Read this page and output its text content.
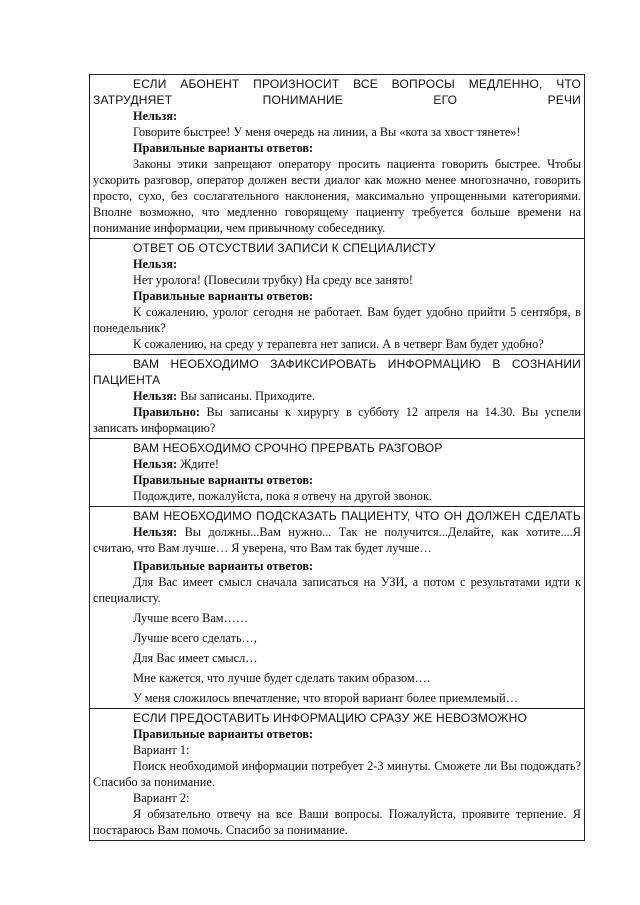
ЕСЛИ АБОНЕНТ ПРОИЗНОСИТ ВСЕ ВОПРОСЫ МЕДЛЕННО, ЧТО ЗАТРУДНЯЕТ ПОНИМАНИЕ ЕГО РЕЧИ
Нельзя:
Говорите быстрее! У меня очередь на линии, а Вы «кота за хвост тянете»!
Правильные варианты ответов:
Законы этики запрещают оператору просить пациента говорить быстрее. Чтобы ускорить разговор, оператор должен вести диалог как можно менее многозначно, говорить просто, сухо, без сослагательного наклонения, максимально упрощенными категориями. Вполне возможно, что медленно говорящему пациенту требуется больше времени на понимание информации, чем привычному собеседнику.
ОТВЕТ ОБ ОТСУСТВИИ ЗАПИСИ К СПЕЦИАЛИСТУ
Нельзя:
Нет уролога! (Повесили трубку) На среду все занято!
Правильные варианты ответов:
К сожалению, уролог сегодня не работает. Вам будет удобно прийти 5 сентября, в понедельник?
К сожалению, на среду у терапевта нет записи. А в четверг Вам будет удобно?
ВАМ НЕОБХОДИМО ЗАФИКСИРОВАТЬ ИНФОРМАЦИЮ В СОЗНАНИИ ПАЦИЕНТА
Нельзя: Вы записаны. Приходите.
Правильно: Вы записаны к хирургу в субботу 12 апреля на 14.30. Вы успели записать информацию?
ВАМ НЕОБХОДИМО СРОЧНО ПРЕРВАТЬ РАЗГОВОР
Нельзя: Ждите!
Правильные варианты ответов:
Подождите, пожалуйста, пока я отвечу на другой звонок.
ВАМ НЕОБХОДИМО ПОДСКАЗАТЬ ПАЦИЕНТУ, ЧТО ОН ДОЛЖЕН СДЕЛАТЬ
Нельзя: Вы должны...Вам нужно... Так не получится...Делайте, как хотите....Я считаю, что Вам лучше… Я уверена, что Вам так будет лучше…
Правильные варианты ответов:
Для Вас имеет смысл сначала записаться на УЗИ, а потом с результатами идти к специалисту.
Лучше всего Вам……
Лучше всего сделать…,
Для Вас имеет смысл…
Мне кажется, что лучше будет сделать таким образом….
У меня сложилось впечатление, что второй вариант более приемлемый…
ЕСЛИ ПРЕДОСТАВИТЬ ИНФОРМАЦИЮ СРАЗУ ЖЕ НЕВОЗМОЖНО
Правильные варианты ответов:
Вариант 1:
Поиск необходимой информации потребует 2-3 минуты. Сможете ли Вы подождать? Спасибо за понимание.
Вариант 2:
Я обязательно отвечу на все Ваши вопросы. Пожалуйста, проявите терпение. Я постараюсь Вам помочь. Спасибо за понимание.
